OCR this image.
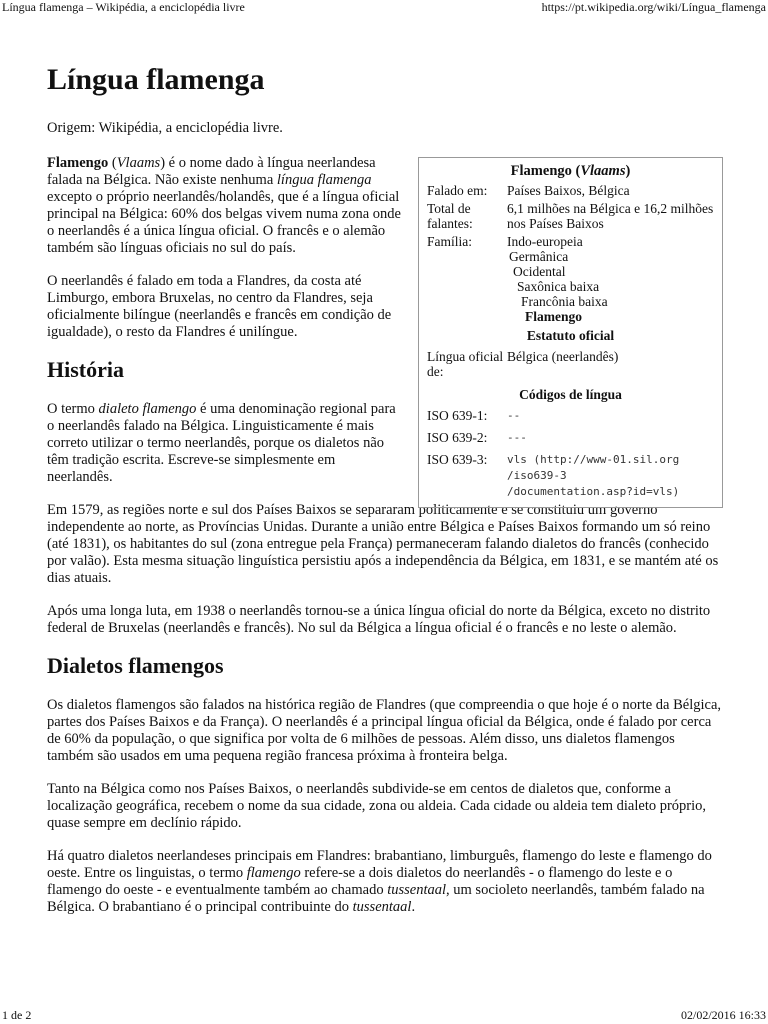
Língua flamenga – Wikipédia, a enciclopédia livre	https://pt.wikipedia.org/wiki/Língua_flamenga
Língua flamenga

Origem: Wikipédia, a enciclopédia livre.

Flamengo (Vlaams) é o nome dado à língua neerlandesa falada na Bélgica. Não existe nenhuma língua flamenga excepto o próprio neerlandês/holandês, que é a língua oficial principal na Bélgica: 60% dos belgas vivem numa zona onde o neerlandês é a única língua oficial. O francês e o alemão também são línguas oficiais no sul do país.

O neerlandês é falado em toda a Flandres, da costa até Limburgo, embora Bruxelas, no centro da Flandres, seja oficialmente bilíngue (neerlandês e francês em condição de igualdade), o resto da Flandres é unilíngue.

História

O termo dialeto flamengo é uma denominação regional para o neerlandês falado na Bélgica. Linguisticamente é mais correto utilizar o termo neerlandês, porque os dialetos não têm tradição escrita. Escreve-se simplesmente em neerlandês.

Em 1579, as regiões norte e sul dos Países Baixos se separaram politicamente e se constituiu um governo independente ao norte, as Províncias Unidas. Durante a união entre Bélgica e Países Baixos formando um só reino (até 1831), os habitantes do sul (zona entregue pela França) permaneceram falando dialetos do francês (conhecido por valão). Esta mesma situação linguística persistiu após a independência da Bélgica, em 1831, e se mantém até os dias atuais.

Após uma longa luta, em 1938 o neerlandês tornou-se a única língua oficial do norte da Bélgica, exceto no distrito federal de Bruxelas (neerlandês e francês). No sul da Bélgica a língua oficial é o francês e no leste o alemão.

Dialetos flamengos

Os dialetos flamengos são falados na histórica região de Flandres (que compreendia o que hoje é o norte da Bélgica, partes dos Países Baixos e da França). O neerlandês é a principal língua oficial da Bélgica, onde é falado por cerca de 60% da população, o que significa por volta de 6 milhões de pessoas. Além disso, uns dialetos flamengos também são usados em uma pequena região francesa próxima à fronteira belga.

Tanto na Bélgica como nos Países Baixos, o neerlandês subdivide-se em centos de dialetos que, conforme a localização geográfica, recebem o nome da sua cidade, zona ou aldeia. Cada cidade ou aldeia tem dialeto próprio, quase sempre em declínio rápido.

Há quatro dialetos neerlandeses principais em Flandres: brabantiano, limburguês, flamengo do leste e flamengo do oeste. Entre os linguistas, o termo flamengo refere-se a dois dialetos do neerlandês - o flamengo do leste e o flamengo do oeste - e eventualmente também ao chamado tussentaal, um socioleto neerlandês, também falado na Bélgica. O brabantiano é o principal contribuinte do tussentaal.

Flamengo (Vlaams)
Falado em:	Países Baixos, Bélgica
Total de falantes:
6,1 milhões na Bélgica e 16,2 milhões nos Países Baixos
Família:	Indo-europeia
Germânica
Ocidental
Saxônica baixa
Francônia baixa
Flamengo
Estatuto oficial
Língua oficial de:
Bélgica (neerlandês)
Códigos de língua
ISO 639-1:	--
ISO 639-2:	---
ISO 639-3:	vls (http://www-01.sil.org
/iso639-3
/documentation.asp?id=vls)
1 de 2	02/02/2016 16:33
